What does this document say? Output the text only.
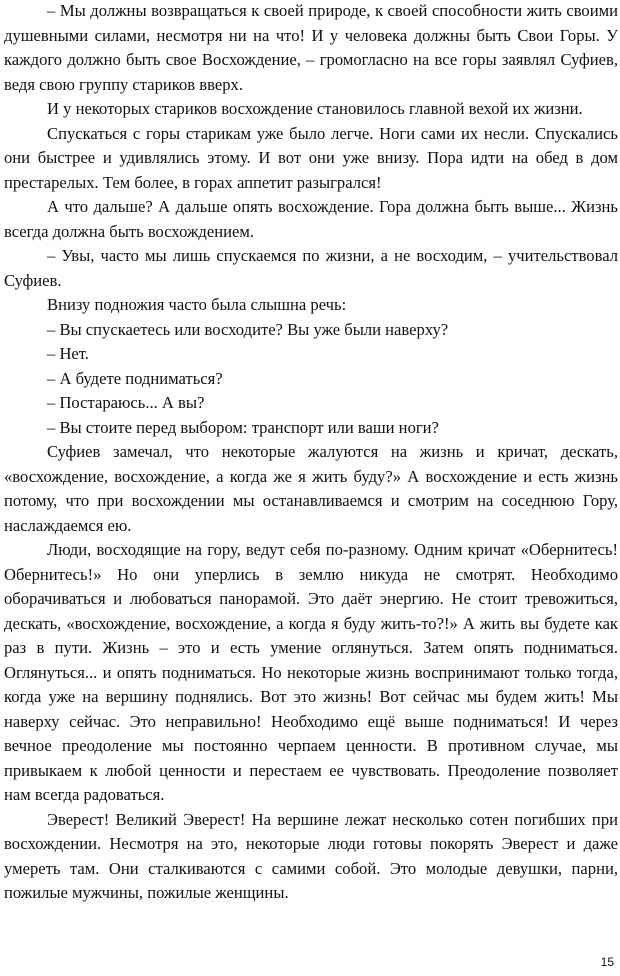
– Мы должны возвращаться к своей природе, к своей способности жить своими душевными силами, несмотря ни на что! И у человека должны быть Свои Горы. У каждого должно быть свое Восхождение, – громогласно на все горы заявлял Суфиев, ведя свою группу стариков вверх.

И у некоторых стариков восхождение становилось главной вехой их жизни.

Спускаться с горы старикам уже было легче. Ноги сами их несли. Спускались они быстрее и удивлялись этому. И вот они уже внизу. Пора идти на обед в дом престарелых. Тем более, в горах аппетит разыгрался!

А что дальше? А дальше опять восхождение. Гора должна быть выше... Жизнь всегда должна быть восхождением.

– Увы, часто мы лишь спускаемся по жизни, а не восходим, – учительствовал Суфиев.

Внизу подножия часто была слышна речь:

– Вы спускаетесь или восходите? Вы уже были наверху?

– Нет.

– А будете подниматься?

– Постараюсь... А вы?

– Вы стоите перед выбором: транспорт или ваши ноги?

Суфиев замечал, что некоторые жалуются на жизнь и кричат, дескать, «восхождение, восхождение, а когда же я жить буду?» А восхождение и есть жизнь потому, что при восхождении мы останавливаемся и смотрим на соседнюю Гору, наслаждаемся ею.

Люди, восходящие на гору, ведут себя по-разному. Одним кричат «Обернитесь! Обернитесь!» Но они уперлись в землю никуда не смотрят. Необходимо оборачиваться и любоваться панорамой. Это даёт энергию. Не стоит тревожиться, дескать, «восхождение, восхождение, а когда я буду жить-то?!» А жить вы будете как раз в пути. Жизнь – это и есть умение оглянуться. Затем опять подниматься. Оглянуться... и опять подниматься. Но некоторые жизнь воспринимают только тогда, когда уже на вершину поднялись. Вот это жизнь! Вот сейчас мы будем жить! Мы наверху сейчас. Это неправильно! Необходимо ещё выше подниматься! И через вечное преодоление мы постоянно черпаем ценности. В противном случае, мы привыкаем к любой ценности и перестаем ее чувствовать. Преодоление позволяет нам всегда радоваться.

Эверест! Великий Эверест! На вершине лежат несколько сотен погибших при восхождении. Несмотря на это, некоторые люди готовы покорять Эверест и даже умереть там. Они сталкиваются с самими собой. Это молодые девушки, парни, пожилые мужчины, пожилые женщины.

15
